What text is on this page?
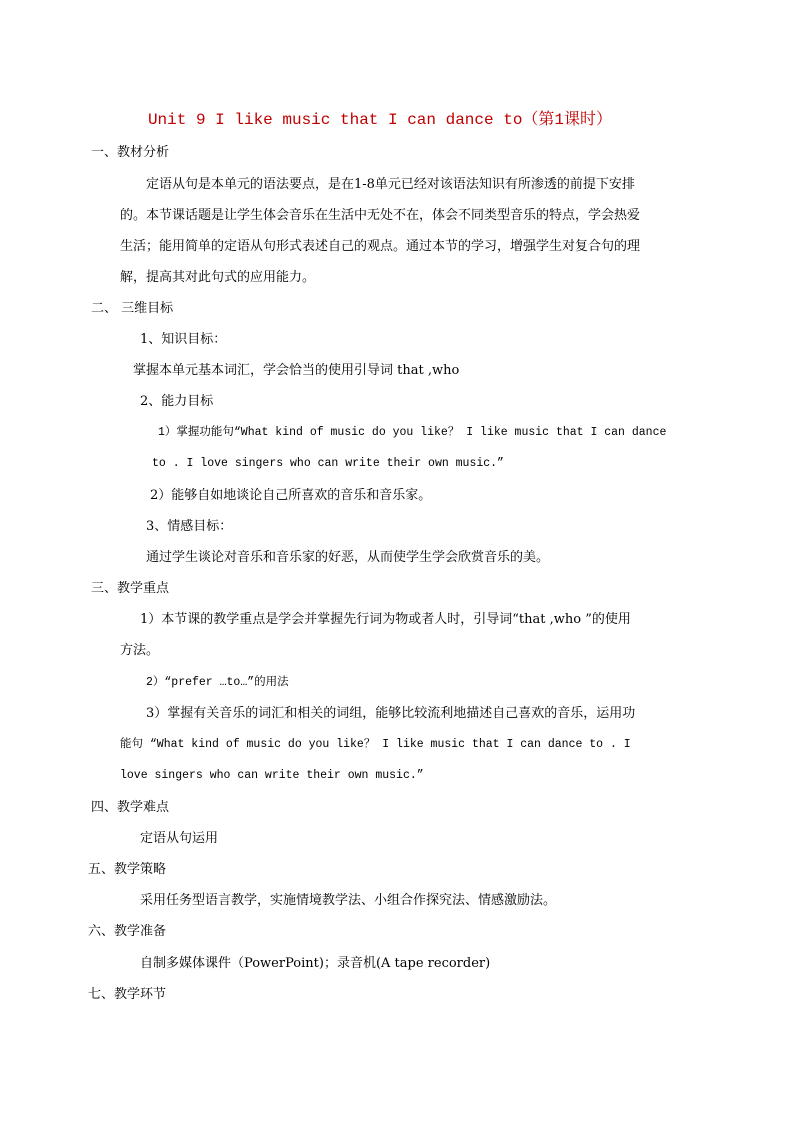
Unit 9 I like music that I can dance to（第1课时）
一、教材分析
定语从句是本单元的语法要点，是在1-8单元已经对该语法知识有所渗透的前提下安排
的。本节课话题是让学生体会音乐在生活中无处不在，体会不同类型音乐的特点，学会热爱
生活；能用简单的定语从句形式表述自己的观点。通过本节的学习，增强学生对复合句的理
解，提高其对此句式的应用能力。
二、 三维目标
1、知识目标：
掌握本单元基本词汇，学会恰当的使用引导词 that ,who
2、能力目标
1）掌握功能句“What kind of music do you like？ I like music that I can dance
to . I love singers who can write their own music.”
2）能够自如地谈论自己所喜欢的音乐和音乐家。
3、情感目标：
通过学生谈论对音乐和音乐家的好恶，从而使学生学会欣赏音乐的美。
三、教学重点
1）本节课的教学重点是学会并掌握先行词为物或者人时，引导词“that ,who ”的使用
方法。
2）“prefer …to…”的用法
3）掌握有关音乐的词汇和相关的词组，能够比较流利地描述自己喜欢的音乐，运用功
能句 “What kind of music do you like？ I like music that I can dance to . I
love singers who can write their own music.”
四、教学难点
定语从句运用
五、教学策略
采用任务型语言教学，实施情境教学法、小组合作探究法、情感激励法。
六、教学准备
自制多媒体课件（PowerPoint)；录音机(A tape recorder)
七、教学环节
